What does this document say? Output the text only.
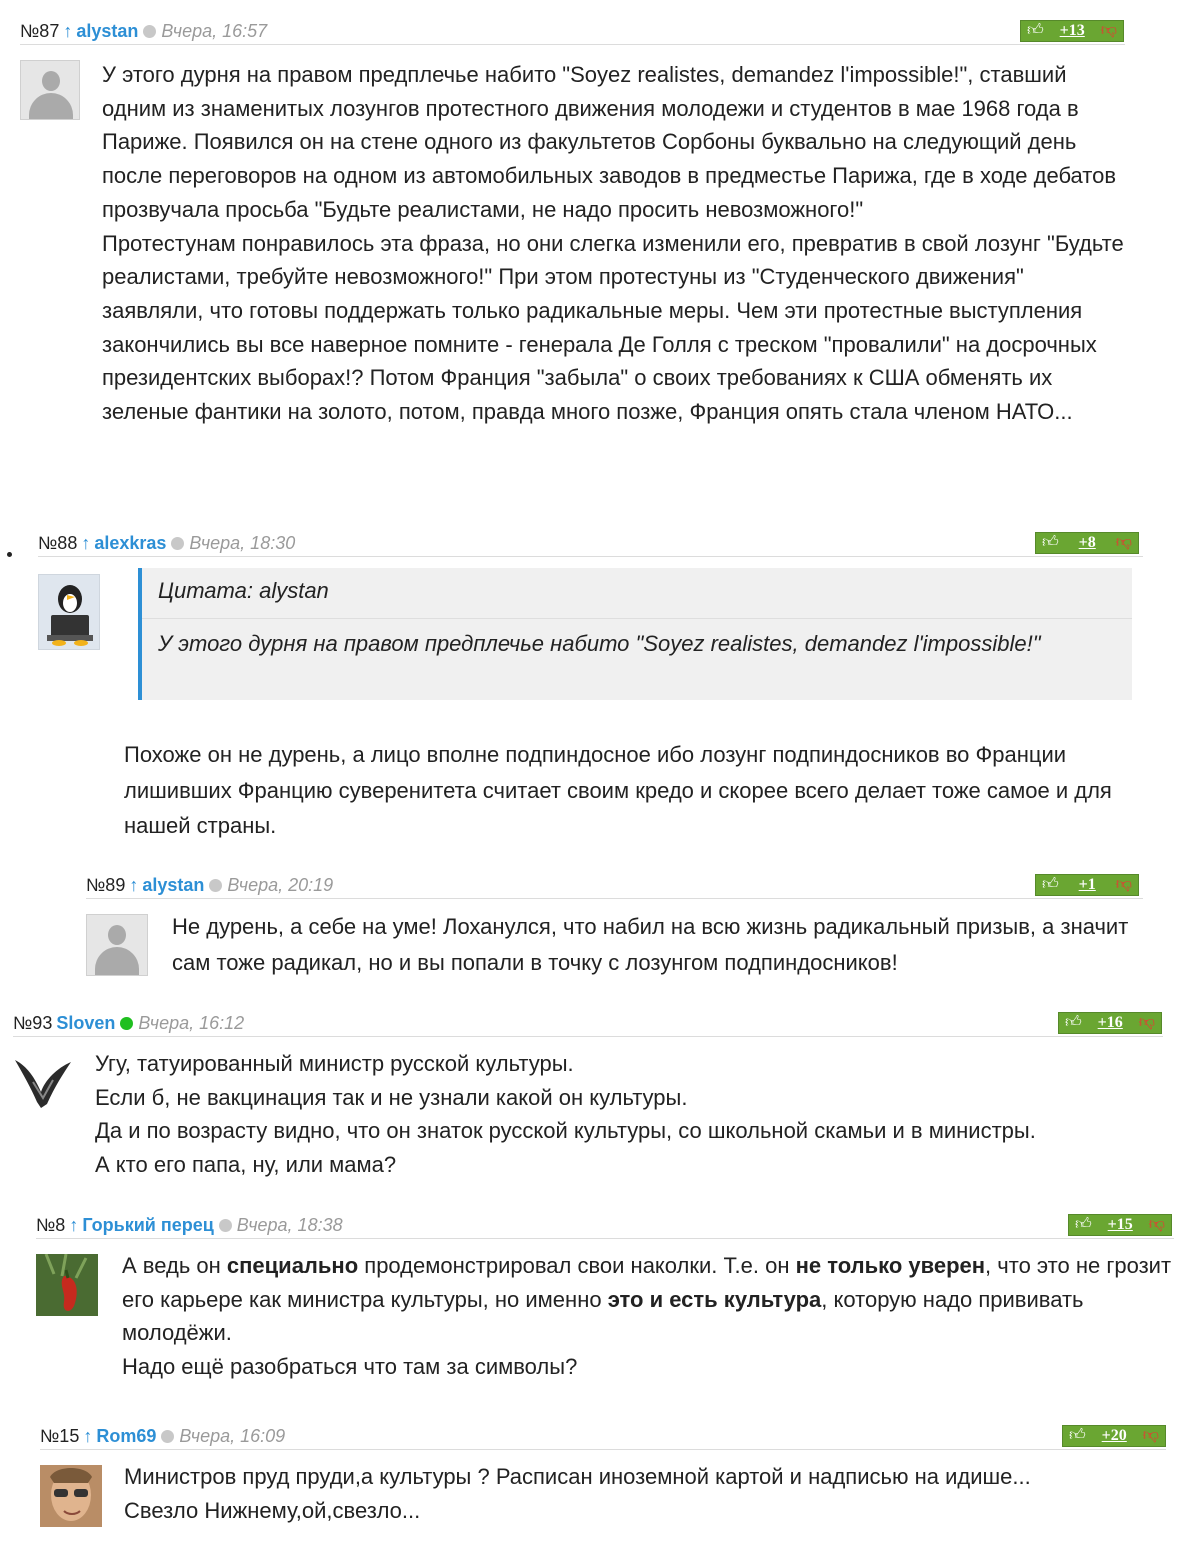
№87 ↑ alystan Вчера, 16:57	👍︎ +13 👎︎

У этого дурня на правом предплечье набито "Soyez realistes, demandez l'impossible!", ставший одним из знаменитых лозунгов протестного движения молодежи и студентов в мае 1968 года в Париже. Появился он на стене одного из факультетов Сорбоны буквально на следующий день после переговоров на одном из автомобильных заводов в предместье Парижа, где в ходе дебатов прозвучала просьба "Будьте реалистами, не надо просить невозможного!"

Протестунам понравилось эта фраза, но они слегка изменили его, превратив в свой лозунг "Будьте реалистами, требуйте невозможного!" При этом протестуны из "Студенческого движения" заявляли, что готовы поддержать только радикальные меры. Чем эти протестные выступления закончились вы все наверное помните - генерала Де Голля с треском "провалили" на досрочных президентских выборах!? Потом Франция "забыла" о своих требованиях к США обменять их зеленые фантики на золото, потом, правда много позже, Франция опять стала членом НАТО...

№88 ↑ alexkras Вчера, 18:30	👍︎ +8 👎︎
Цитата: alystan
У этого дурня на правом предплечье набито "Soyez realistes, demandez l'impossible!"

Похоже он не дурень, а лицо вполне подпиндосное ибо лозунг подпиндосников во Франции лишивших Францию суверенитета считает своим кредо и скорее всего делает тоже самое и для нашей страны.

№89 ↑ alystan Вчера, 20:19	👍︎ +1 👎︎

Не дурень, а себе на уме! Лоханулся, что набил на всю жизнь радикальный призыв, а значит сам тоже радикал, но и вы попали в точку с лозунгом подпиндосников!

№93 Sloven Вчера, 16:12	👍︎ +16 👎︎

Угу, татуированный министр русской культуры.

Если б, не вакцинация так и не узнали какой он культуры.

Да и по возрасту видно, что он знаток русской культуры, со школьной скамьи и в министры.

А кто его папа, ну, или мама?

№8 ↑ Горький перец Вчера, 18:38	👍︎ +15 👎︎

А ведь он специально продемонстрировал свои наколки. Т.е. он не только уверен, что это не грозит его карьере как министра культуры, но именно это и есть культура, которую надо прививать молодёжи.

Надо ещё разобраться что там за символы?

№15 ↑ Rom69 Вчера, 16:09	👍︎ +20 👎︎

Министров пруд пруди,а культуры ? Расписан иноземной картой и надписью на идише...

Свезло Нижнему,ой,свезло...
